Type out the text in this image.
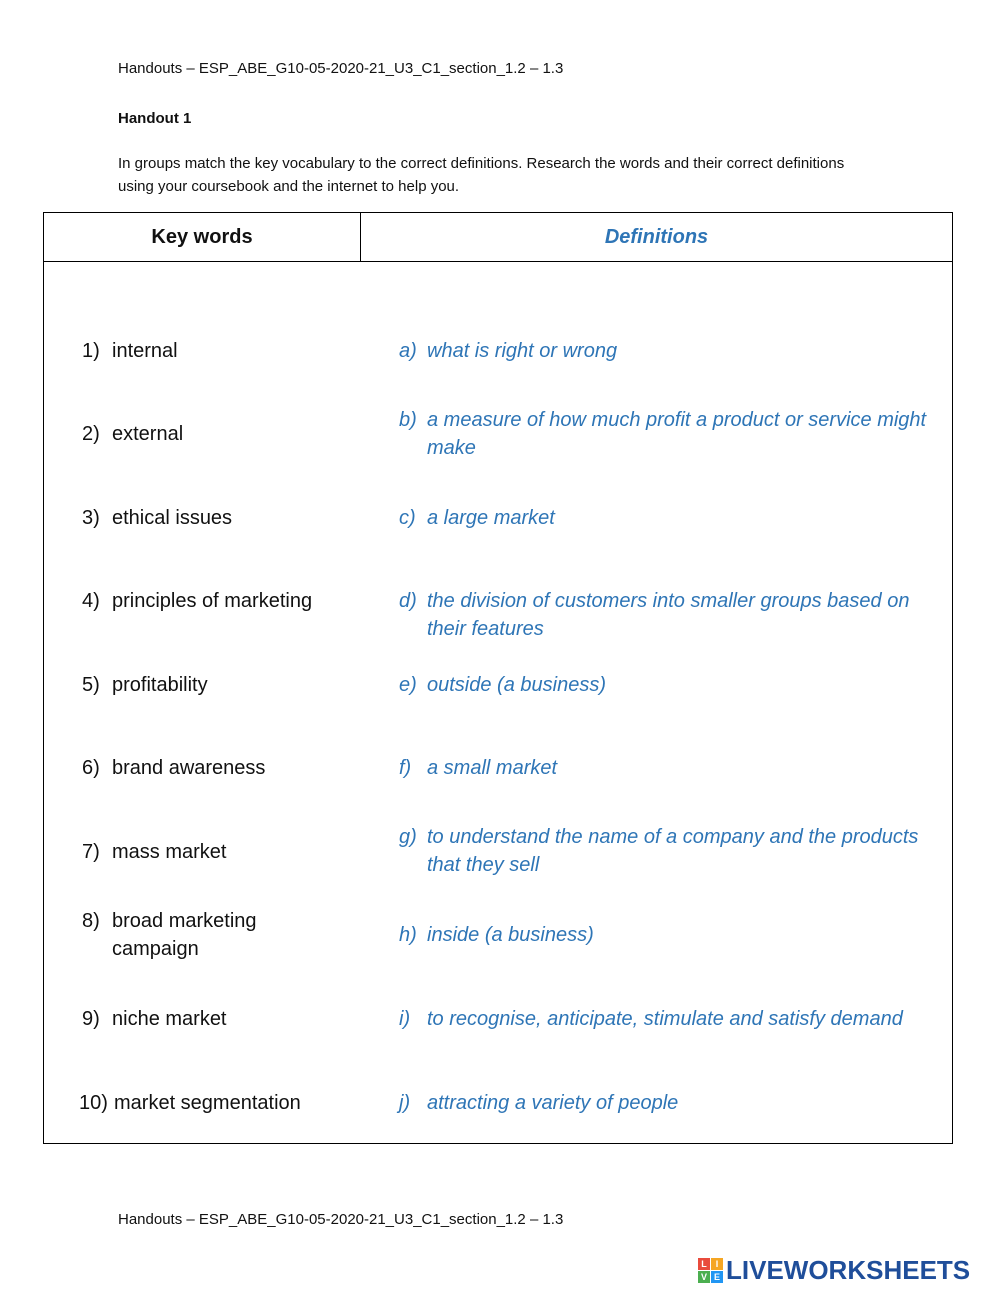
Handouts – ESP_ABE_G10-05-2020-21_U3_C1_section_1.2 – 1.3
Handout 1
In groups match the key vocabulary to the correct definitions. Research the words and their correct definitions using your coursebook and the internet to help you.
Key words	Definitions
1) internal
2) external
3) ethical issues
4) principles of marketing
5) profitability
6) brand awareness
7) mass market
8) broad marketing campaign
9) niche market
10) market segmentation
a) what is right or wrong
b) a measure of how much profit a product or service might make
c) a large market
d) the division of customers into smaller groups based on their features
e) outside (a business)
f) a small market
g) to understand the name of a company and the products that they sell
h) inside (a business)
i) to recognise, anticipate, stimulate and satisfy demand
j) attracting a variety of people
Handouts – ESP_ABE_G10-05-2020-21_U3_C1_section_1.2 – 1.3
L I
V E LIVEWORKSHEETS
